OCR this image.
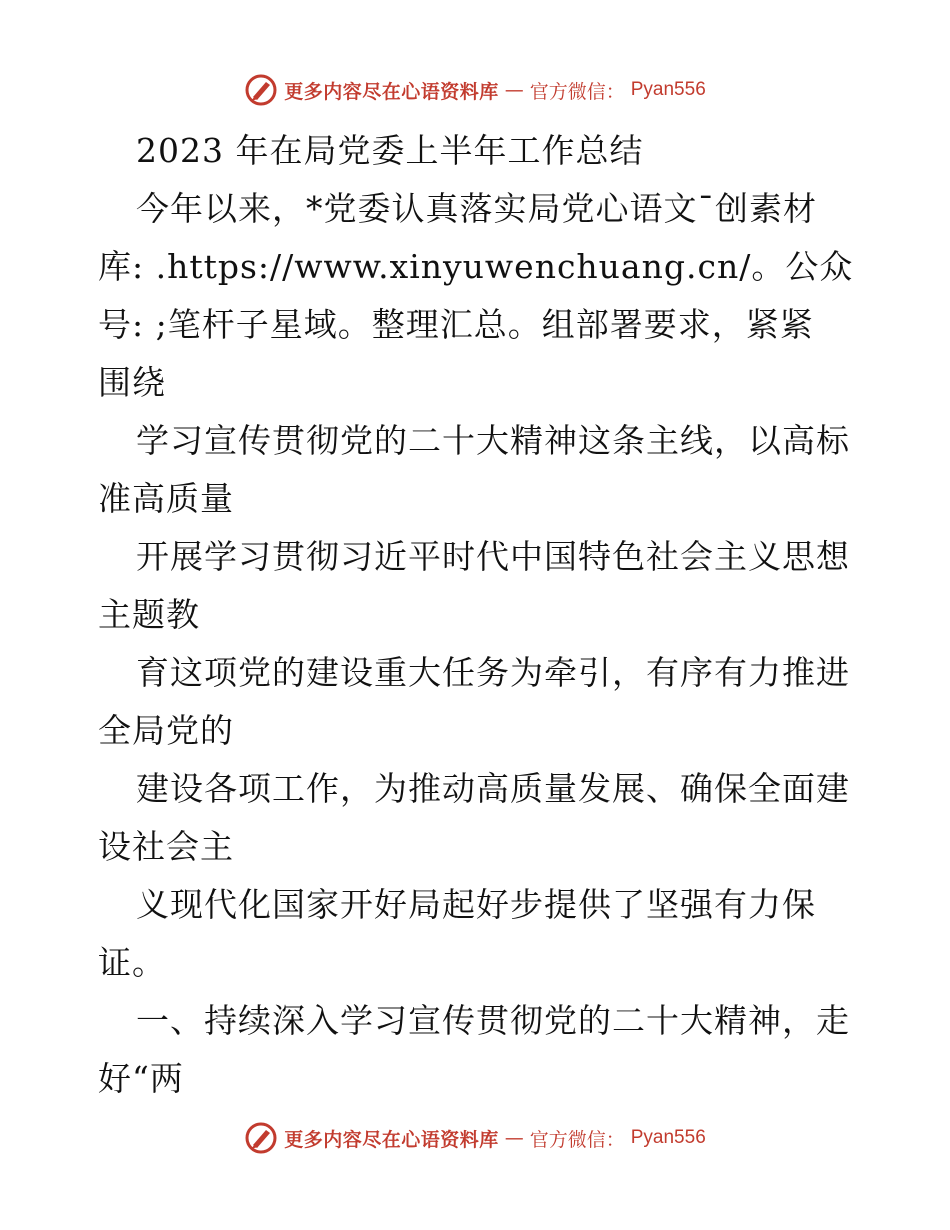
更多内容尽在心语资料库 — 官方微信： Pyan556
2023 年在局党委上半年工作总结
今年以来，*党委认真落实局党心语文¯创素材
库: .https://www.xinyuwenchuang.cn/。公众
号: ;笔杆子星域。整理汇总。组部署要求，紧紧
围绕
学习宣传贯彻党的二十大精神这条主线，以高标
准高质量
开展学习贯彻习近平时代中国特色社会主义思想
主题教
育这项党的建设重大任务为牵引，有序有力推进
全局党的
建设各项工作，为推动高质量发展、确保全面建
设社会主
义现代化国家开好局起好步提供了坚强有力保
证。
一、持续深入学习宣传贯彻党的二十大精神，走
好“两
更多内容尽在心语资料库 — 官方微信： Pyan556
